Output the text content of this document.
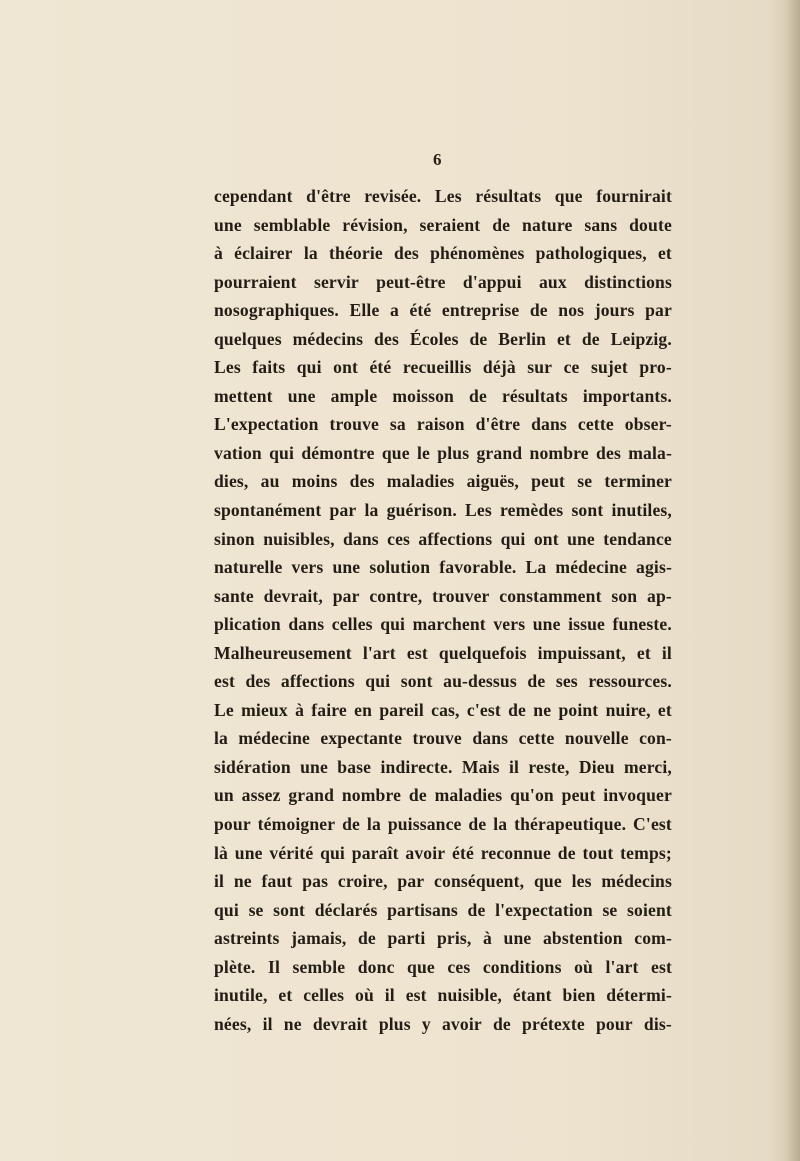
6
cependant d'être revisée. Les résultats que fournirait
une semblable révision, seraient de nature sans doute
à éclairer la théorie des phénomènes pathologiques, et
pourraient servir peut-être d'appui aux distinctions
nosographiques. Elle a été entreprise de nos jours par
quelques médecins des Écoles de Berlin et de Leipzig.
Les faits qui ont été recueillis déjà sur ce sujet pro-
mettent une ample moisson de résultats importants.
L'expectation trouve sa raison d'être dans cette obser-
vation qui démontre que le plus grand nombre des mala-
dies, au moins des maladies aiguës, peut se terminer
spontanément par la guérison. Les remèdes sont inutiles,
sinon nuisibles, dans ces affections qui ont une tendance
naturelle vers une solution favorable. La médecine agis-
sante devrait, par contre, trouver constamment son ap-
plication dans celles qui marchent vers une issue funeste.
Malheureusement l'art est quelquefois impuissant, et il
est des affections qui sont au-dessus de ses ressources.
Le mieux à faire en pareil cas, c'est de ne point nuire, et
la médecine expectante trouve dans cette nouvelle con-
sidération une base indirecte. Mais il reste, Dieu merci,
un assez grand nombre de maladies qu'on peut invoquer
pour témoigner de la puissance de la thérapeutique. C'est
là une vérité qui paraît avoir été reconnue de tout temps;
il ne faut pas croire, par conséquent, que les médecins
qui se sont déclarés partisans de l'expectation se soient
astreints jamais, de parti pris, à une abstention com-
plète. Il semble donc que ces conditions où l'art est
inutile, et celles où il est nuisible, étant bien détermi-
nées, il ne devrait plus y avoir de prétexte pour dis-
